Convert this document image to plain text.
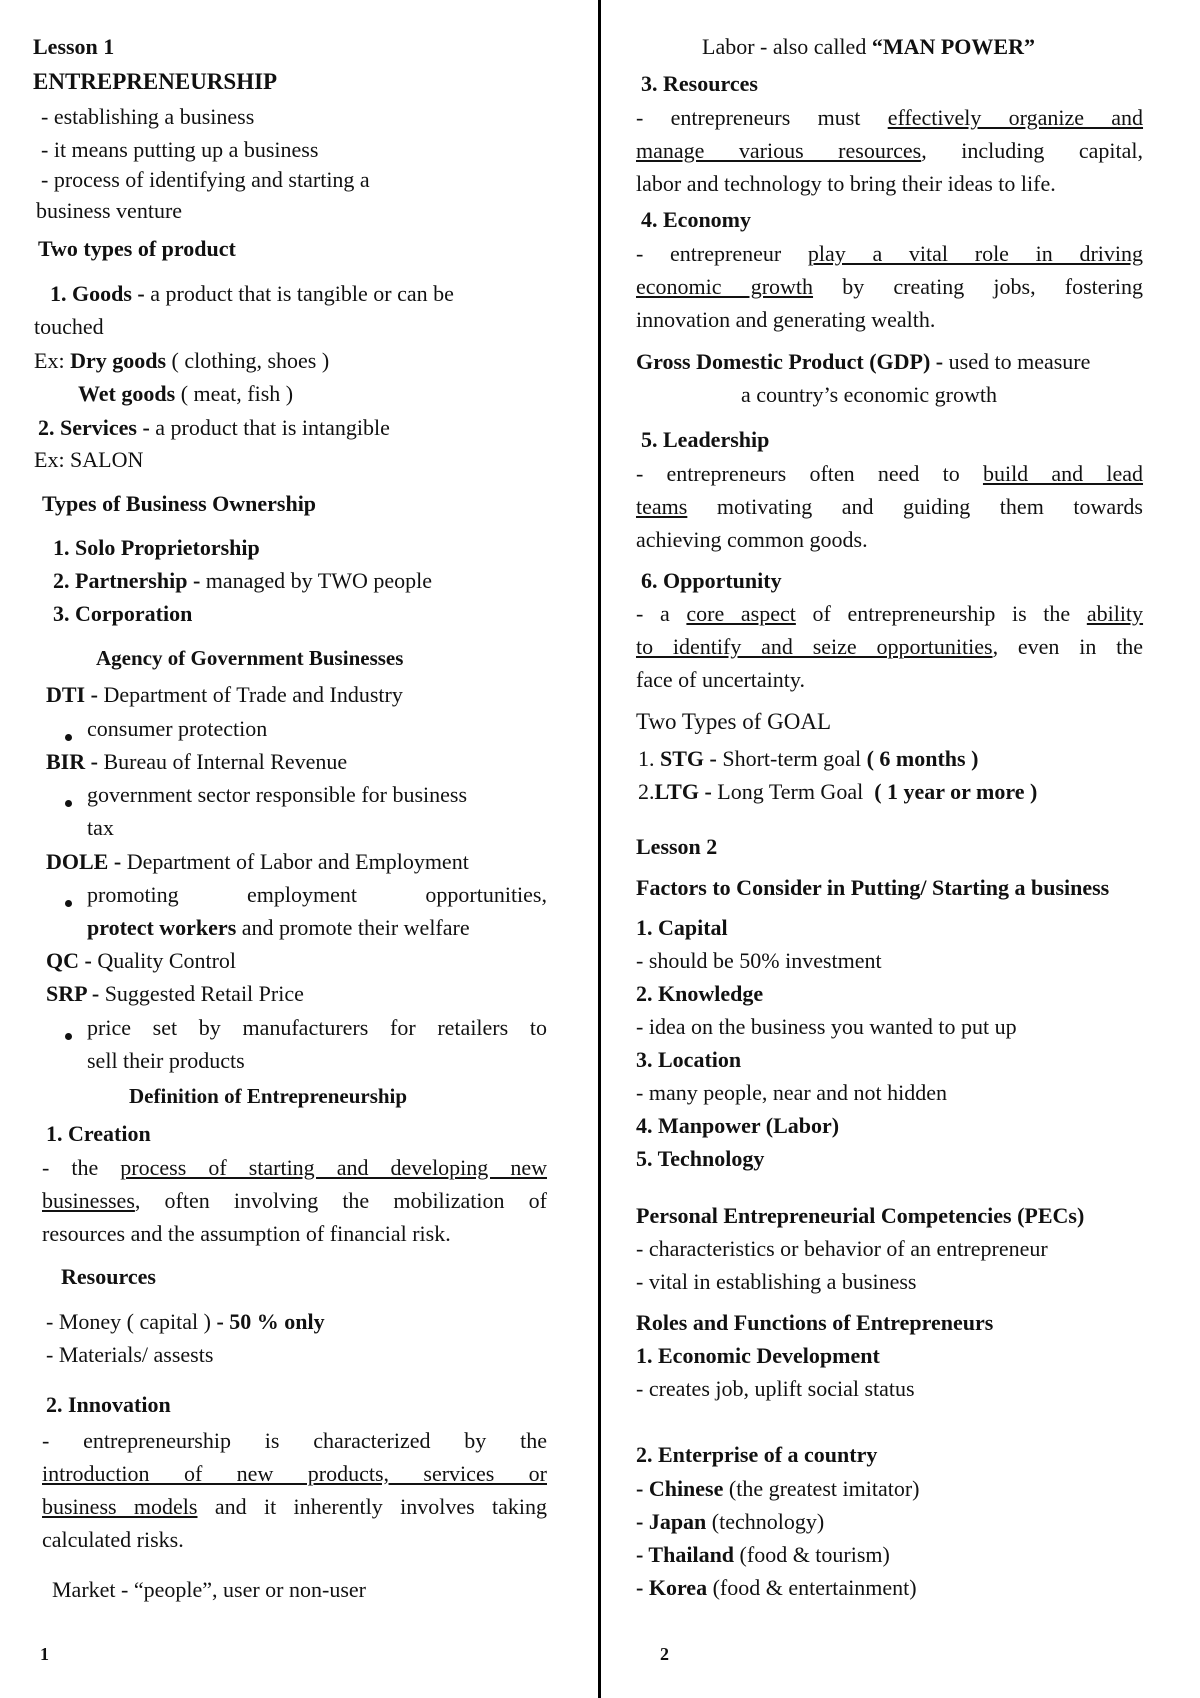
Lesson 1
ENTREPRENEURSHIP
- establishing a business
- it means putting up a business
- process of identifying and starting a
business venture
Two types of product
1. Goods - a product that is tangible or can be
touched
Ex: Dry goods ( clothing, shoes )
Wet goods ( meat, fish )
2. Services - a product that is intangible
Ex: SALON
Types of Business Ownership
1. Solo Proprietorship
2. Partnership - managed by TWO people
3. Corporation
Agency of Government Businesses
DTI - Department of Trade and Industry
consumer protection
BIR - Bureau of Internal Revenue
government sector responsible for business
tax
DOLE - Department of Labor and Employment
promoting employment opportunities,
protect workers and promote their welfare
QC - Quality Control
SRP - Suggested Retail Price
price set by manufacturers for retailers to
sell their products
Definition of Entrepreneurship
1. Creation
- the process of starting and developing new
businesses, often involving the mobilization of
resources and the assumption of financial risk.
Resources
- Money ( capital ) - 50 % only
- Materials/ assests
2. Innovation
- entrepreneurship is characterized by the
introduction of new products, services or
business models and it inherently involves taking
calculated risks.
Market - “people”, user or non-user
1
Labor - also called “MAN POWER”
3. Resources
- entrepreneurs must effectively organize and
manage various resources, including capital,
labor and technology to bring their ideas to life.
4. Economy
- entrepreneur play a vital role in driving
economic growth by creating jobs, fostering
innovation and generating wealth.
Gross Domestic Product (GDP) - used to measure
a country’s economic growth
5. Leadership
- entrepreneurs often need to build and lead
teams motivating and guiding them towards
achieving common goods.
6. Opportunity
- a core aspect of entrepreneurship is the ability
to identify and seize opportunities, even in the
face of uncertainty.
Two Types of GOAL
1. STG - Short-term goal ( 6 months )
2.LTG - Long Term Goal ( 1 year or more )
Lesson 2
Factors to Consider in Putting/ Starting a business
1. Capital
- should be 50% investment
2. Knowledge
- idea on the business you wanted to put up
3. Location
- many people, near and not hidden
4. Manpower (Labor)
5. Technology
Personal Entrepreneurial Competencies (PECs)
- characteristics or behavior of an entrepreneur
- vital in establishing a business
Roles and Functions of Entrepreneurs
1. Economic Development
- creates job, uplift social status
2. Enterprise of a country
- Chinese (the greatest imitator)
- Japan (technology)
- Thailand (food & tourism)
- Korea (food & entertainment)
2
